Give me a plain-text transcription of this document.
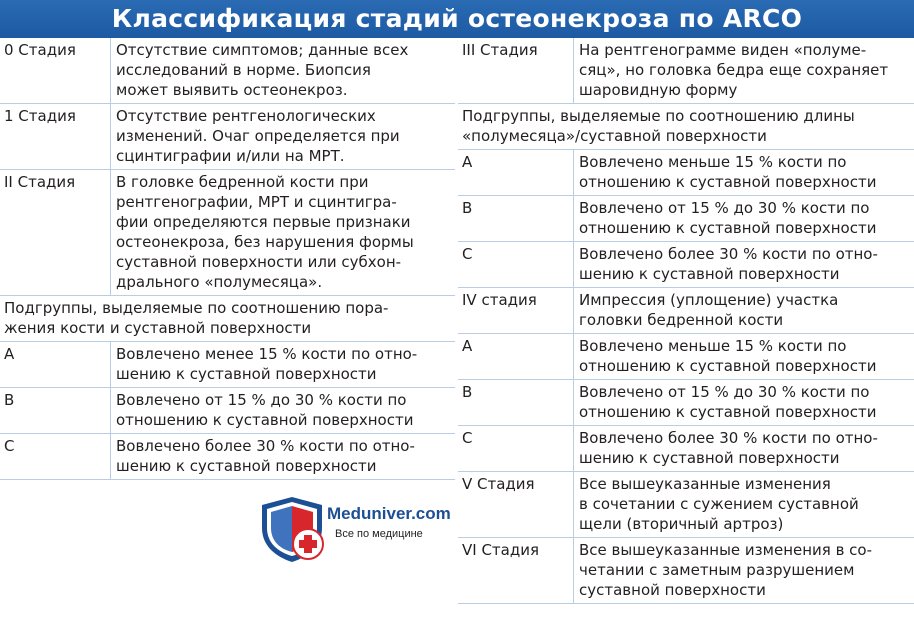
Классификация стадий остеонекроза по ARCO
0 Стадия	Отсутствие симптомов; данные всех
исследований в норме. Биопсия
может выявить остеонекроз.
1 Стадия	Отсутствие рентгенологических
изменений. Очаг определяется при
сцинтиграфии и/или на МРТ.
II Стадия	В головке бедренной кости при
рентгенографии, МРТ и сцинтигра-
фии определяются первые признаки
остеонекроза, без нарушения формы
суставной поверхности или субхон-
дрального «полумесяца».
Подгруппы, выделяемые по соотношению пора-
жения кости и суставной поверхности
A	Вовлечено менее 15 % кости по отно-
шению к суставной поверхности
B	Вовлечено от 15 % до 30 % кости по
отношению к суставной поверхности
C	Вовлечено более 30 % кости по отно-
шению к суставной поверхности
III Стадия	На рентгенограмме виден «полуме-
сяц», но головка бедра еще сохраняет
шаровидную форму
Подгруппы, выделяемые по соотношению длины
«полумесяца»/суставной поверхности
A	Вовлечено меньше 15 % кости по
отношению к суставной поверхности
B	Вовлечено от 15 % до 30 % кости по
отношению к суставной поверхности
C	Вовлечено более 30 % кости по отно-
шению к суставной поверхности
IV стадия	Импрессия (уплощение) участка
головки бедренной кости
A	Вовлечено меньше 15 % кости по
отношению к суставной поверхности
B	Вовлечено от 15 % до 30 % кости по
отношению к суставной поверхности
C	Вовлечено более 30 % кости по отно-
шению к суставной поверхности
V Стадия	Все вышеуказанные изменения
в сочетании с сужением суставной
щели (вторичный артроз)
VI Стадия	Все вышеуказанные изменения в со-
четании с заметным разрушением
суставной поверхности
Meduniver.com
Все по медицине
